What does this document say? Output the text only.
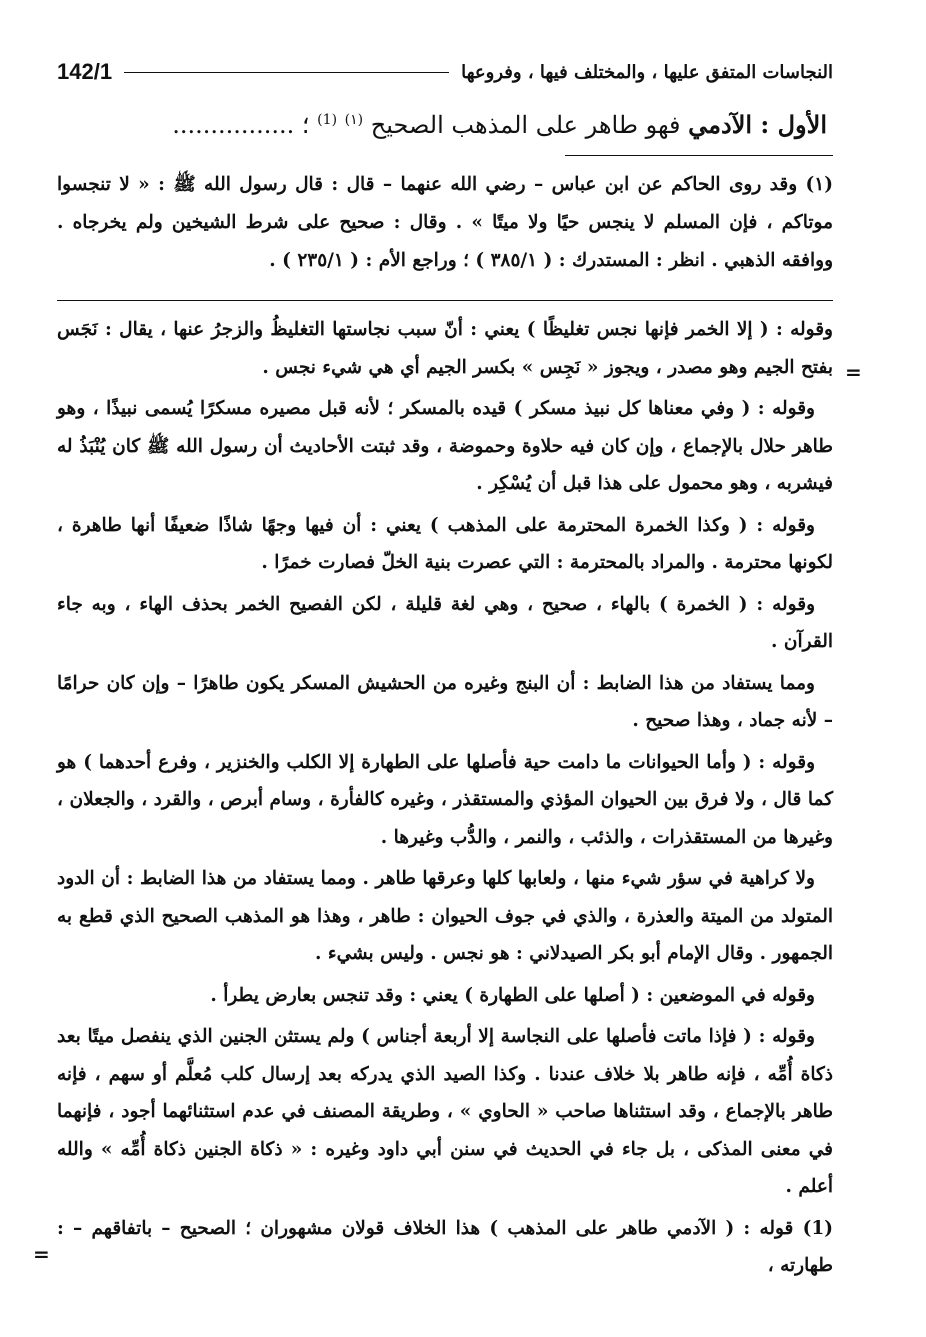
النجاسات المتفق عليها ، والمختلف فيها ، وفروعها
142/1
الأول : الآدمي فهو طاهر على المذهب الصحيح $^{(١)}$ $^{(1)}$ ؛ ................
(١) وقد روى الحاكم عن ابن عباس – رضي الله عنهما – قال : قال رسول الله ﷺ : « لا تنجسوا موتاكم ، فإن المسلم لا ينجس حيًا ولا ميتًا » . وقال : صحيح على شرط الشيخين ولم يخرجاه . ووافقه الذهبي . انظر : المستدرك : ( ٣٨٥/١ ) ؛ وراجع الأم : ( ٢٣٥/١ ) .

وقوله : ( إلا الخمر فإنها نجس تغليظًا ) يعني : أنّ سبب نجاستها التغليظُ والزجرُ عنها ، يقال : نَجَس بفتح الجيم وهو مصدر ، ويجوز « نَجِس » بكسر الجيم أي هي شيء نجس .

وقوله : ( وفي معناها كل نبيذ مسكر ) قيده بالمسكر ؛ لأنه قبل مصيره مسكرًا يُسمى نبيذًا ، وهو طاهر حلال بالإجماع ، وإن كان فيه حلاوة وحموضة ، وقد ثبتت الأحاديث أن رسول الله ﷺ كان يُنْبَذُ له فيشربه ، وهو محمول على هذا قبل أن يُسْكِر .

وقوله : ( وكذا الخمرة المحترمة على المذهب ) يعني : أن فيها وجهًا شاذًا ضعيفًا أنها طاهرة ، لكونها محترمة . والمراد بالمحترمة : التي عصرت بنية الخلّ فصارت خمرًا .

وقوله : ( الخمرة ) بالهاء ، صحيح ، وهي لغة قليلة ، لكن الفصيح الخمر بحذف الهاء ، وبه جاء القرآن .

ومما يستفاد من هذا الضابط : أن البنج وغيره من الحشيش المسكر يكون طاهرًا – وإن كان حرامًا – لأنه جماد ، وهذا صحيح .

وقوله : ( وأما الحيوانات ما دامت حية فأصلها على الطهارة إلا الكلب والخنزير ، وفرع أحدهما ) هو كما قال ، ولا فرق بين الحيوان المؤذي والمستقذر ، وغيره كالفأرة ، وسام أبرص ، والقرد ، والجعلان ، وغيرها من المستقذرات ، والذئب ، والنمر ، والدُّب وغيرها .

ولا كراهية في سؤر شيء منها ، ولعابها كلها وعرقها طاهر . ومما يستفاد من هذا الضابط : أن الدود المتولد من الميتة والعذرة ، والذي في جوف الحيوان : طاهر ، وهذا هو المذهب الصحيح الذي قطع به الجمهور . وقال الإمام أبو بكر الصيدلاني : هو نجس . وليس بشيء .

وقوله في الموضعين : ( أصلها على الطهارة ) يعني : وقد تنجس بعارض يطرأ .

وقوله : ( فإذا ماتت فأصلها على النجاسة إلا أربعة أجناس ) ولم يستثن الجنين الذي ينفصل ميتًا بعد ذكاة أُمِّه ، فإنه طاهر بلا خلاف عندنا . وكذا الصيد الذي يدركه بعد إرسال كلب مُعلَّم أو سهم ، فإنه طاهر بالإجماع ، وقد استثناها صاحب « الحاوي » ، وطريقة المصنف في عدم استثنائهما أجود ، فإنهما في معنى المذكى ، بل جاء في الحديث في سنن أبي داود وغيره : « ذكاة الجنين ذكاة أُمِّه » والله أعلم .

(1) قوله : ( الآدمي طاهر على المذهب ) هذا الخلاف قولان مشهوران ؛ الصحيح – باتفاقهم – : طهارته ،

=
=
